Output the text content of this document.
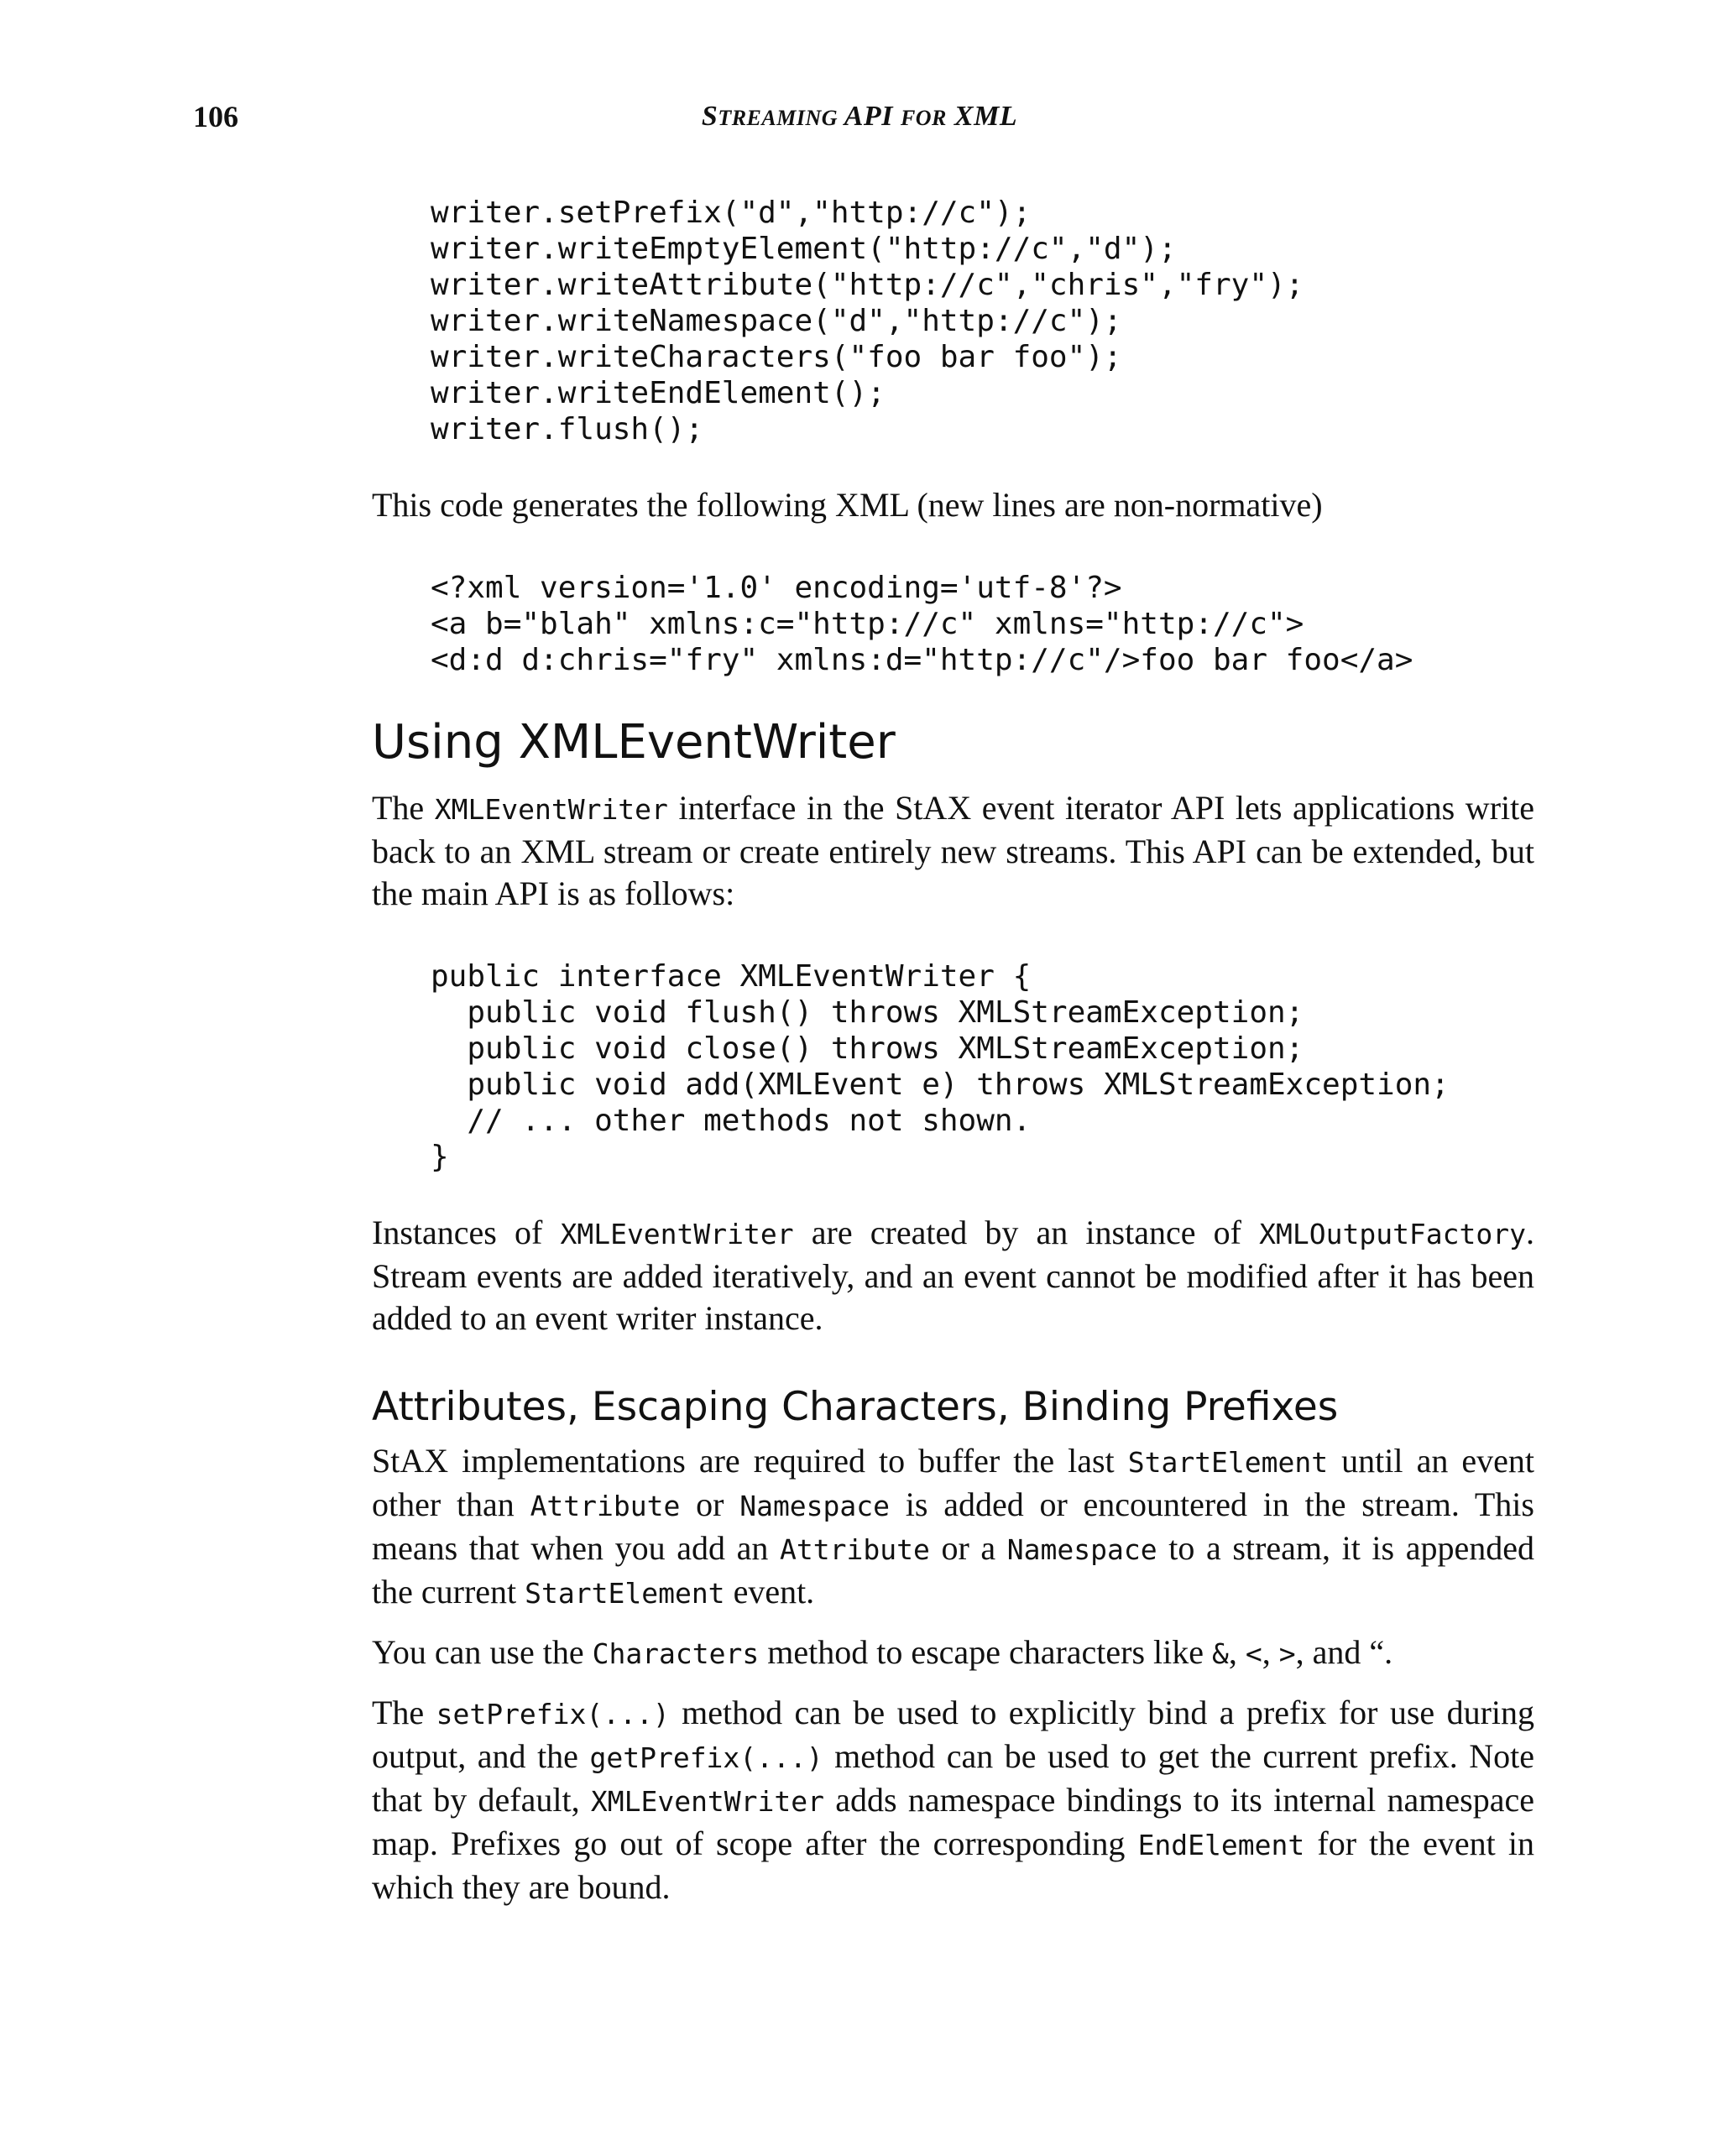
106	STREAMING API FOR XML
writer.setPrefix("d","http://c");
writer.writeEmptyElement("http://c","d");
writer.writeAttribute("http://c","chris","fry");
writer.writeNamespace("d","http://c");
writer.writeCharacters("foo bar foo");
writer.writeEndElement();
writer.flush();

This code generates the following XML (new lines are non-normative)

<?xml version='1.0' encoding='utf-8'?>
<a b="blah" xmlns:c="http://c" xmlns="http://c">
<d:d d:chris="fry" xmlns:d="http://c"/>foo bar foo</a>
Using XMLEventWriter

The XMLEventWriter interface in the StAX event iterator API lets applications write back to an XML stream or create entirely new streams. This API can be extended, but the main API is as follows:

public interface XMLEventWriter {
public void flush() throws XMLStreamException;
public void close() throws XMLStreamException;
public void add(XMLEvent e) throws XMLStreamException;
// ... other methods not shown.
}

Instances of XMLEventWriter are created by an instance of XMLOutputFactory. Stream events are added iteratively, and an event cannot be modified after it has been added to an event writer instance.

Attributes, Escaping Characters, Binding Prefixes

StAX implementations are required to buffer the last StartElement until an event other than Attribute or Namespace is added or encountered in the stream. This means that when you add an Attribute or a Namespace to a stream, it is appended the current StartElement event.

You can use the Characters method to escape characters like &, <, >, and “.

The setPrefix(...) method can be used to explicitly bind a prefix for use during output, and the getPrefix(...) method can be used to get the current prefix. Note that by default, XMLEventWriter adds namespace bindings to its internal namespace map. Prefixes go out of scope after the corresponding EndElement for the event in which they are bound.
